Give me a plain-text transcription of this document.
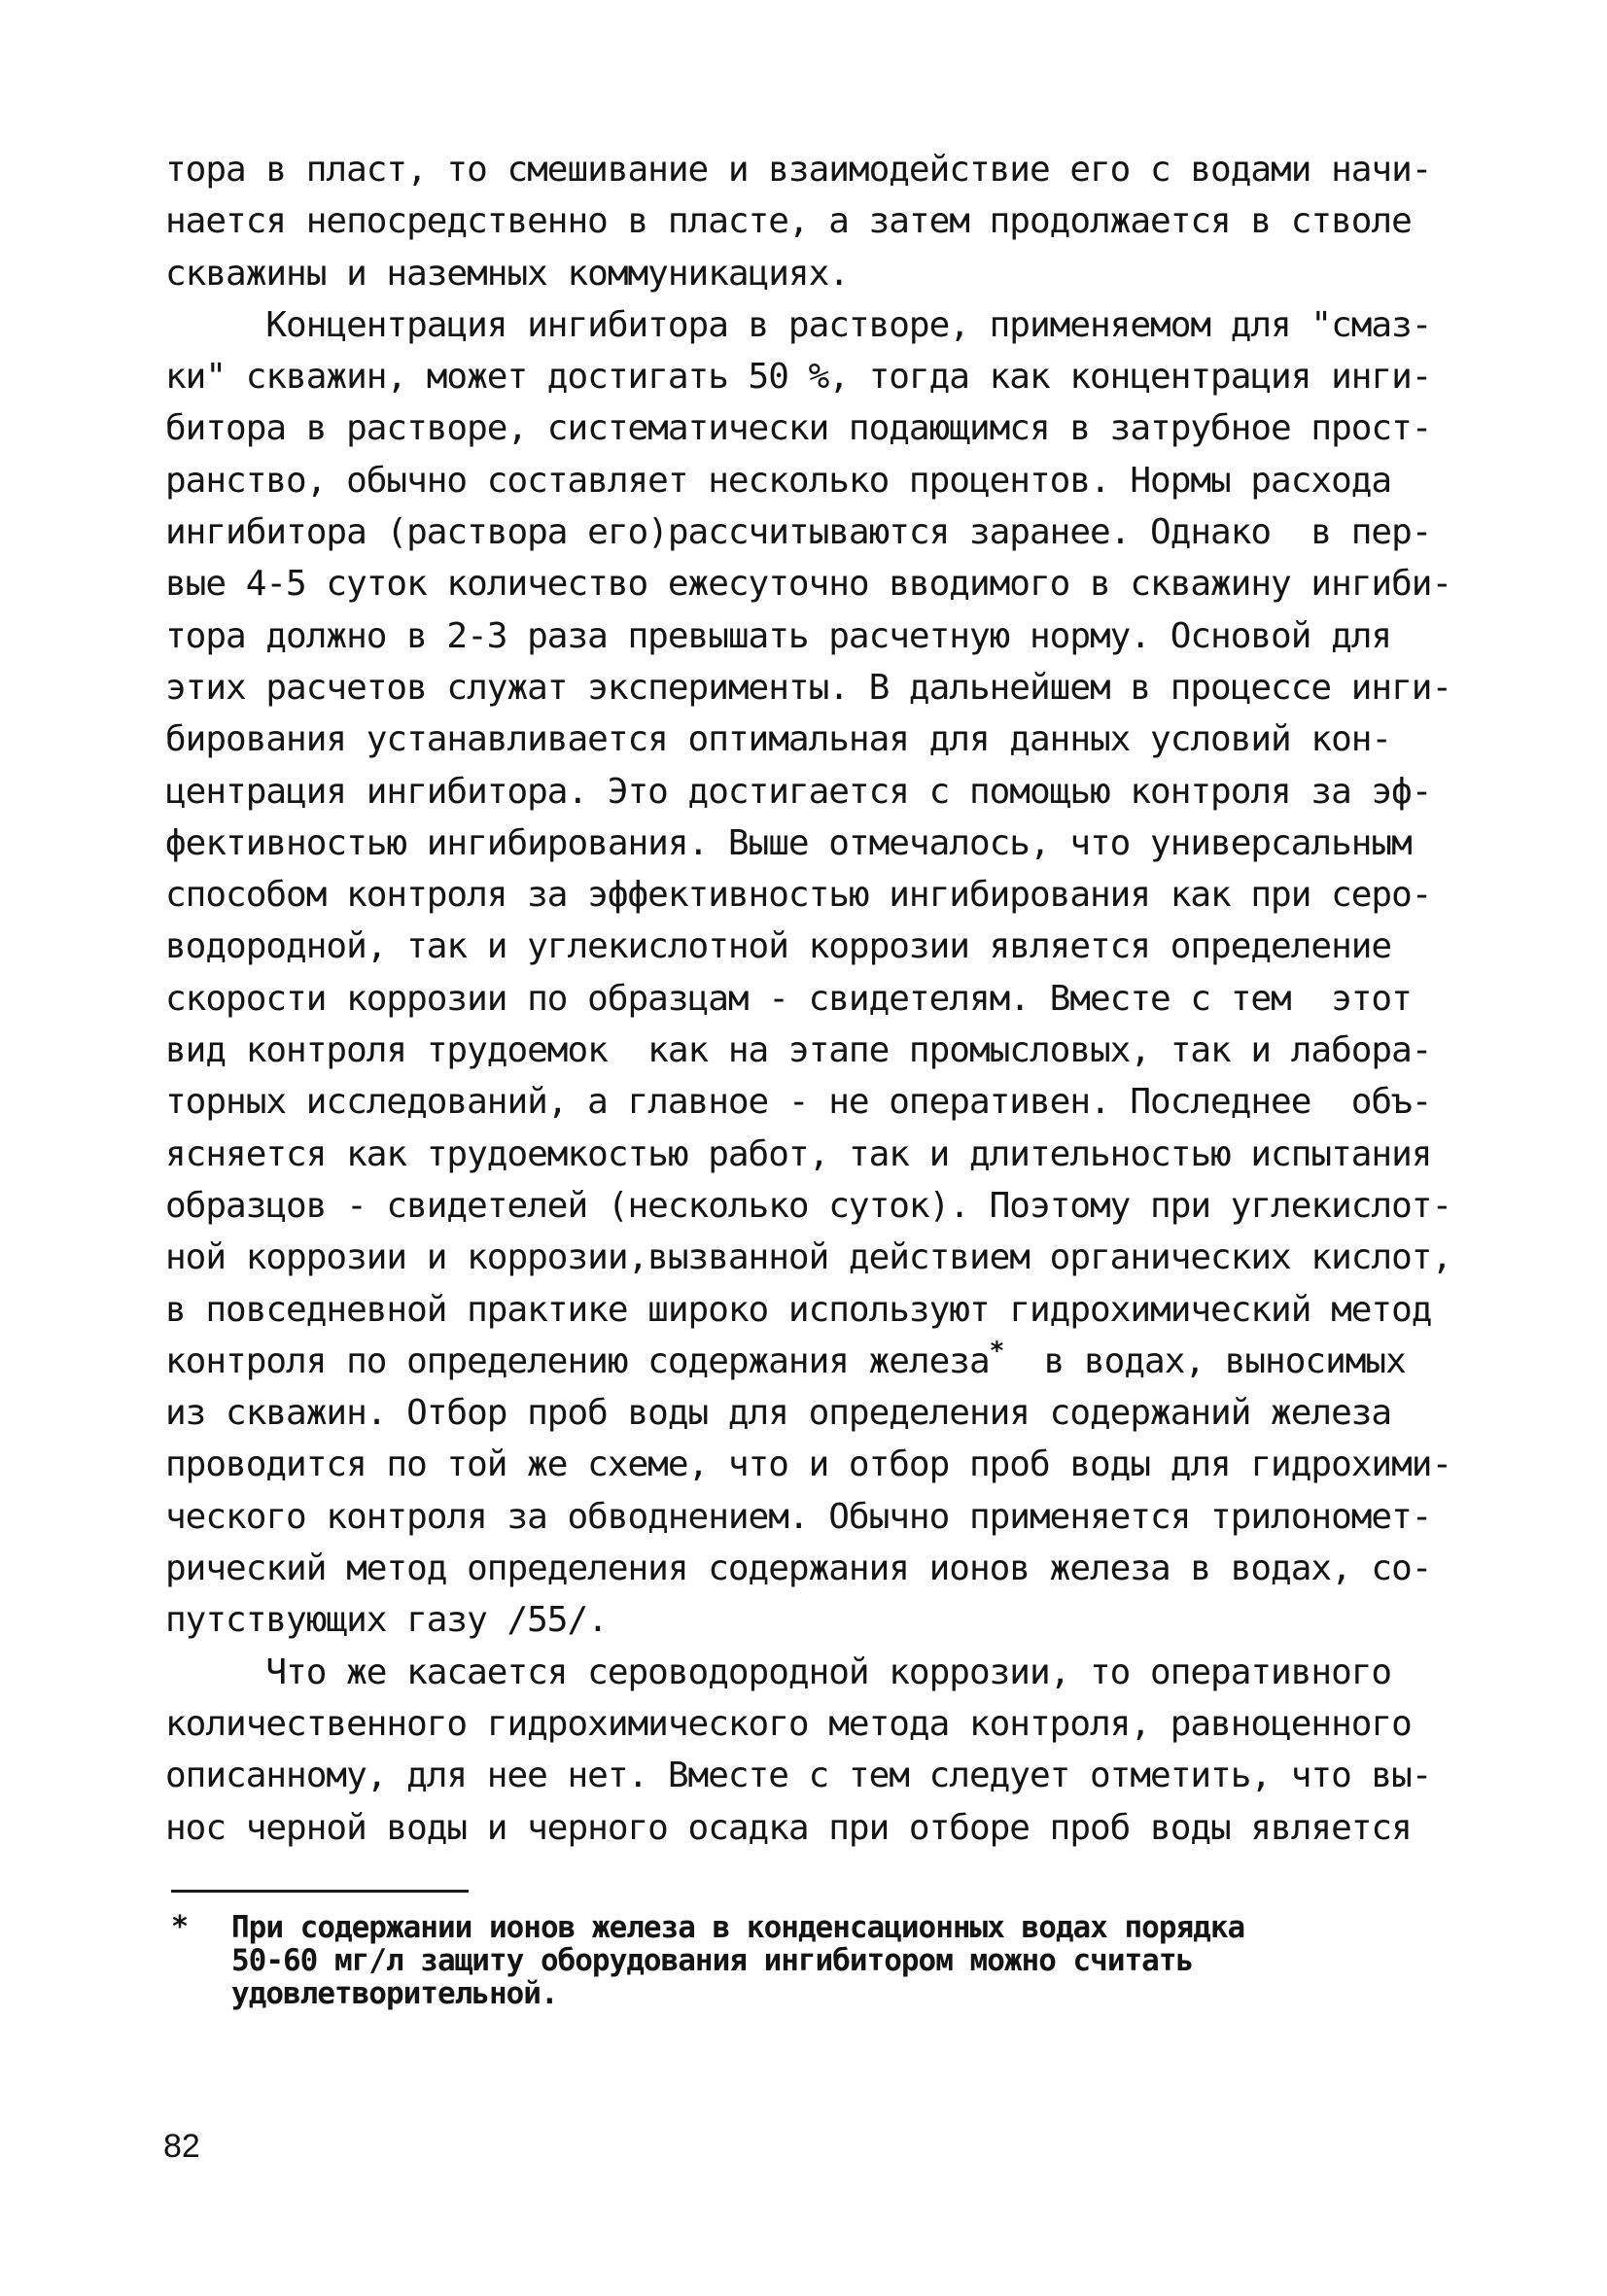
тора в пласт, то смешивание и взаимодействие его с водами начи-
нается непосредственно в пласте, а затем продолжается в стволе
скважины и наземных коммуникациях.
Концентрация ингибитора в растворе, применяемом для "смаз-
ки" скважин, может достигать 50 %, тогда как концентрация инги-
битора в растворе, систематически подающимся в затрубное прост-
ранство, обычно составляет несколько процентов. Нормы расхода
ингибитора (раствора его)рассчитываются заранее. Однако  в пер-
вые 4-5 суток количество ежесуточно вводимого в скважину ингиби-
тора должно в 2-3 раза превышать расчетную норму. Основой для
этих расчетов служат эксперименты. В дальнейшем в процессе инги-
бирования устанавливается оптимальная для данных условий кон-
центрация ингибитора. Это достигается с помощью контроля за эф-
фективностью ингибирования. Выше отмечалось, что универсальным
способом контроля за эффективностью ингибирования как при серо-
водородной, так и углекислотной коррозии является определение
скорости коррозии по образцам - свидетелям. Вместе с тем  этот
вид контроля трудоемок  как на этапе промысловых, так и лабора-
торных исследований, а главное - не оперативен. Последнее  объ-
ясняется как трудоемкостью работ, так и длительностью испытания
образцов - свидетелей (несколько суток). Поэтому при углекислот-
ной коррозии и коррозии,вызванной действием органических кислот,
в повседневной практике широко используют гидрохимический метод
контроля по определению содержания железа*  в водах, выносимых
из скважин. Отбор проб воды для определения содержаний железа
проводится по той же схеме, что и отбор проб воды для гидрохими-
ческого контроля за обводнением. Обычно применяется трилономет-
рический метод определения содержания ионов железа в водах, со-
путствующих газу /55/.
Что же касается сероводородной коррозии, то оперативного
количественного гидрохимического метода контроля, равноценного
описанному, для нее нет. Вместе с тем следует отметить, что вы-
нос черной воды и черного осадка при отборе проб воды является
* При содержании ионов железа в конденсационных водах порядка
50-60 мг/л защиту оборудования ингибитором можно считать
удовлетворительной.
82
